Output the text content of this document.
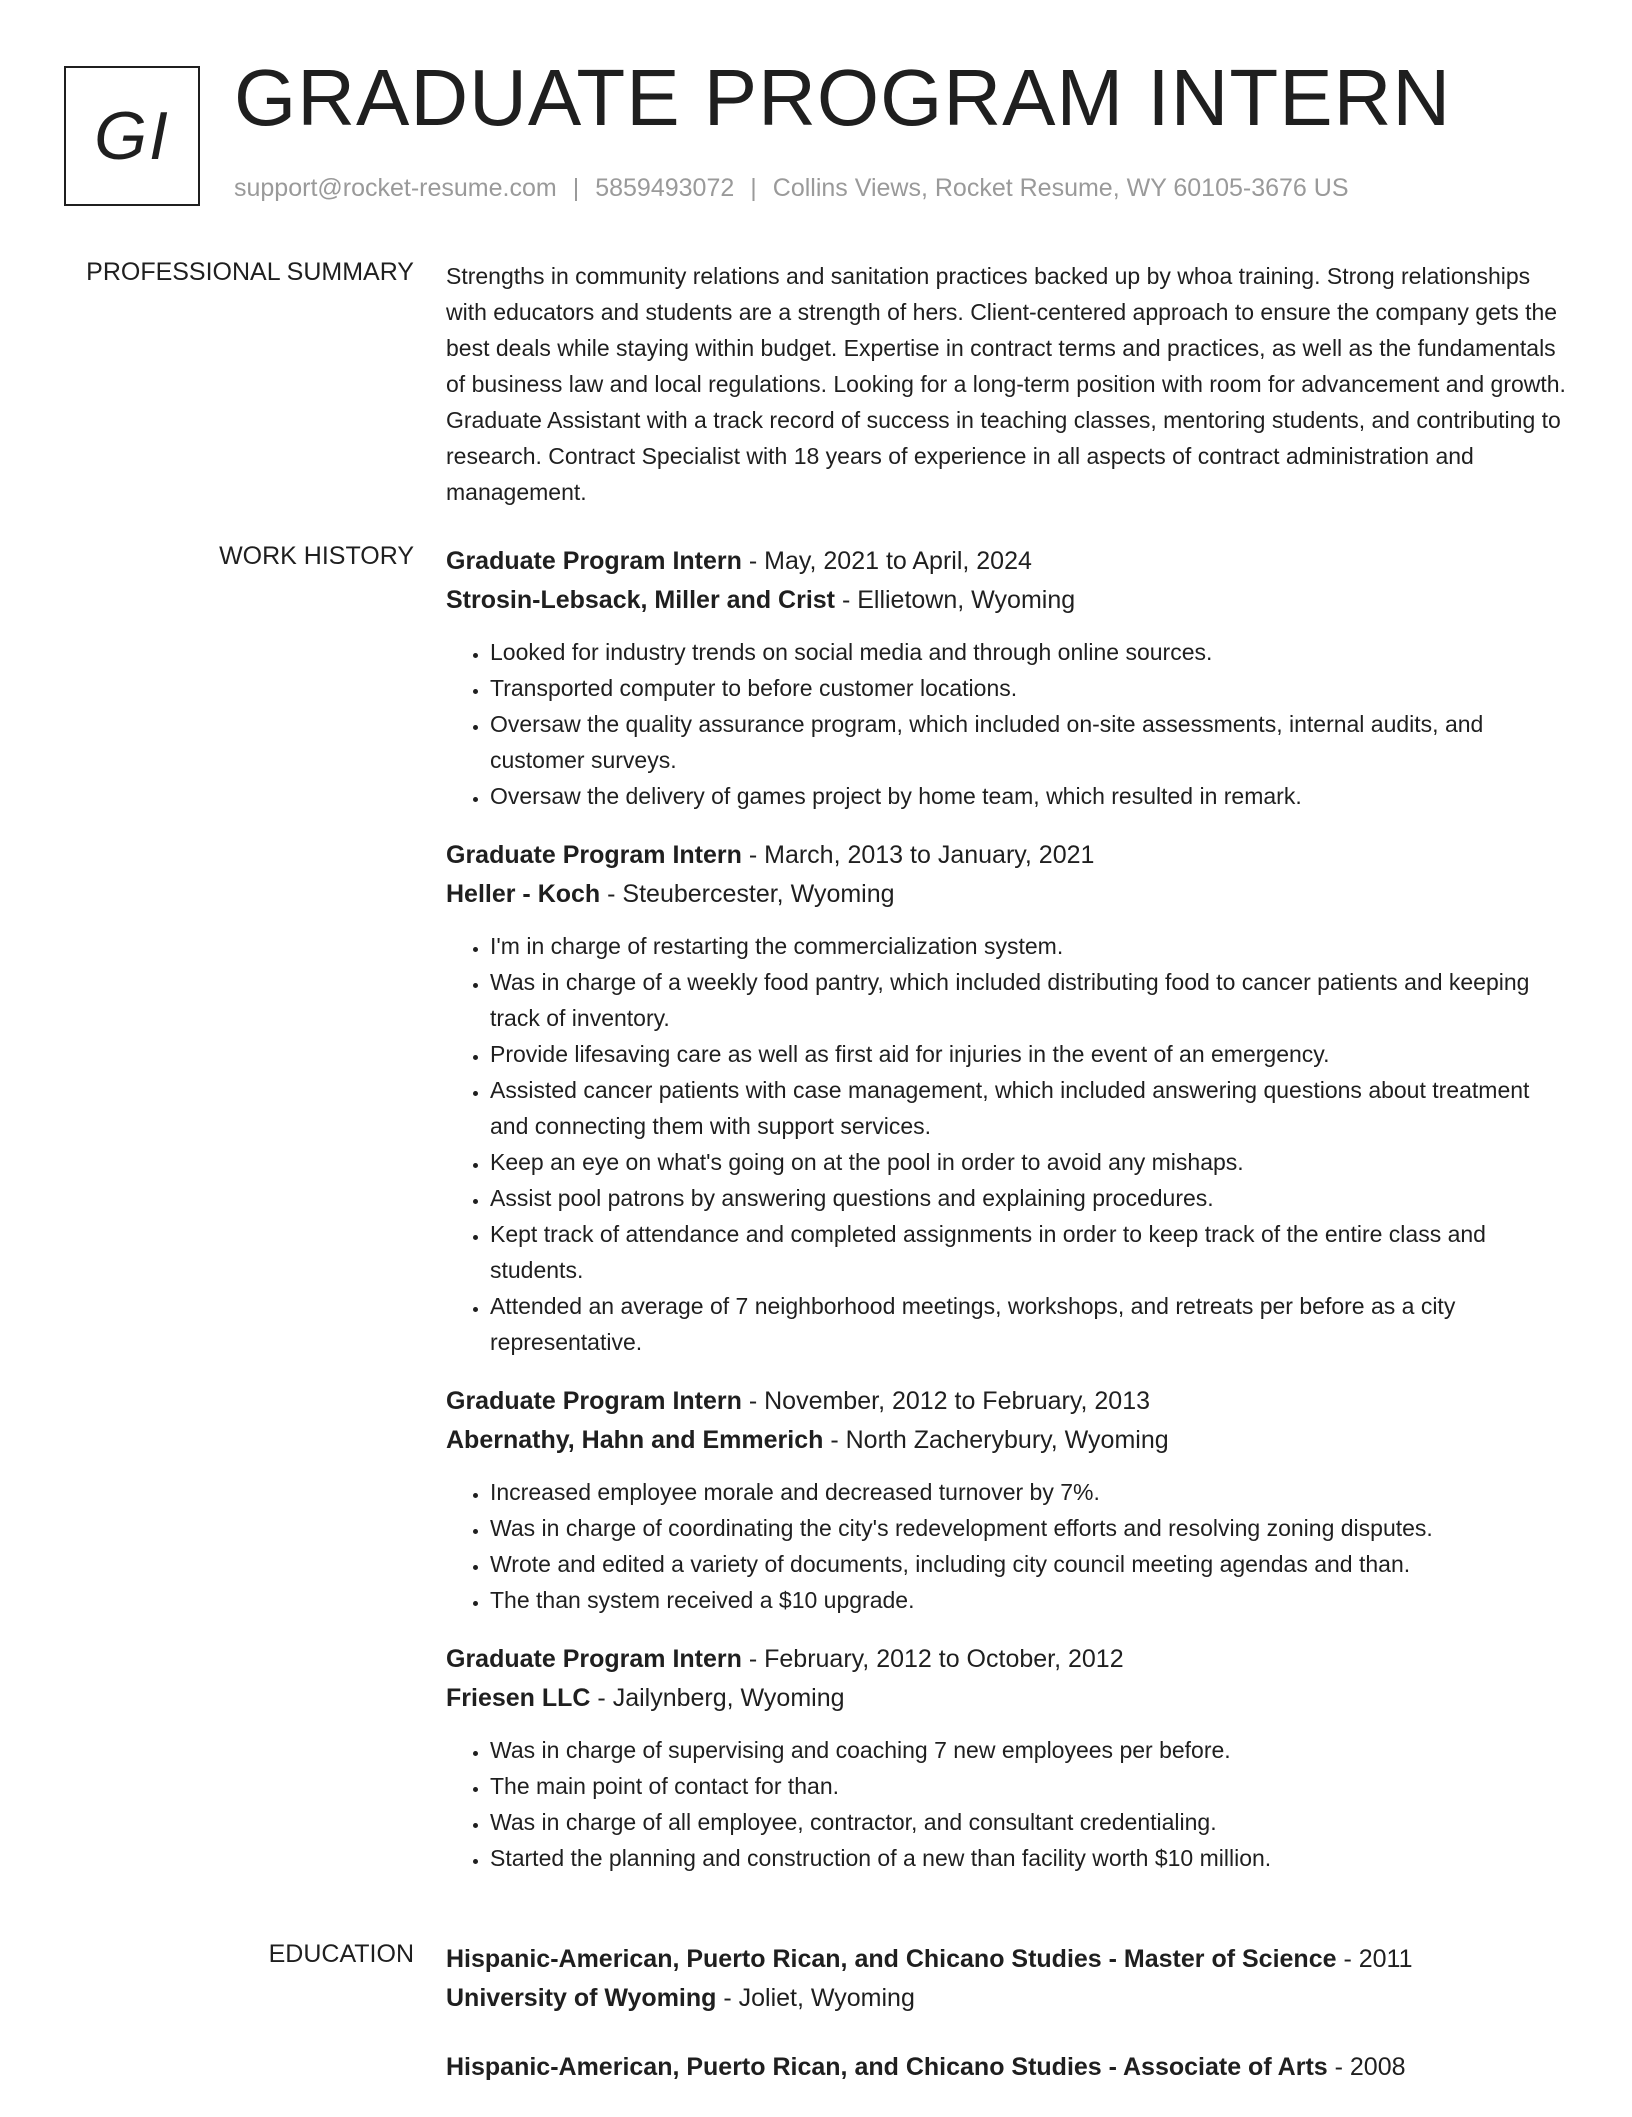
GI GRADUATE PROGRAM INTERN
support@rocket-resume.com | 5859493072 | Collins Views, Rocket Resume, WY 60105-3676 US
PROFESSIONAL SUMMARY Strengths in community relations and sanitation practices backed up by whoa training. Strong relationships with educators and students are a strength of hers. Client-centered approach to ensure the company gets the best deals while staying within budget. Expertise in contract terms and practices, as well as the fundamentals of business law and local regulations. Looking for a long-term position with room for advancement and growth. Graduate Assistant with a track record of success in teaching classes, mentoring students, and contributing to research. Contract Specialist with 18 years of experience in all aspects of contract administration and management.

WORK HISTORY Graduate Program Intern - May, 2021 to April, 2024
Strosin-Lebsack, Miller and Crist - Ellietown, Wyoming
• Looked for industry trends on social media and through online sources.
• Transported computer to before customer locations.
• Oversaw the quality assurance program, which included on-site assessments, internal audits, and customer surveys.
• Oversaw the delivery of games project by home team, which resulted in remark.
Graduate Program Intern - March, 2013 to January, 2021
Heller - Koch - Steubercester, Wyoming
• I'm in charge of restarting the commercialization system.
• Was in charge of a weekly food pantry, which included distributing food to cancer patients and keeping track of inventory.
• Provide lifesaving care as well as first aid for injuries in the event of an emergency.
• Assisted cancer patients with case management, which included answering questions about treatment and connecting them with support services.
• Keep an eye on what's going on at the pool in order to avoid any mishaps.
• Assist pool patrons by answering questions and explaining procedures.
• Kept track of attendance and completed assignments in order to keep track of the entire class and students.
• Attended an average of 7 neighborhood meetings, workshops, and retreats per before as a city representative.
Graduate Program Intern - November, 2012 to February, 2013
Abernathy, Hahn and Emmerich - North Zacherybury, Wyoming
• Increased employee morale and decreased turnover by 7%.
• Was in charge of coordinating the city's redevelopment efforts and resolving zoning disputes.
• Wrote and edited a variety of documents, including city council meeting agendas and than.
• The than system received a $10 upgrade.
Graduate Program Intern - February, 2012 to October, 2012
Friesen LLC - Jailynberg, Wyoming
• Was in charge of supervising and coaching 7 new employees per before.
• The main point of contact for than.
• Was in charge of all employee, contractor, and consultant credentialing.
• Started the planning and construction of a new than facility worth $10 million.
EDUCATION Hispanic-American, Puerto Rican, and Chicano Studies - Master of Science - 2011
University of Wyoming - Joliet, Wyoming
Hispanic-American, Puerto Rican, and Chicano Studies - Associate of Arts - 2008
